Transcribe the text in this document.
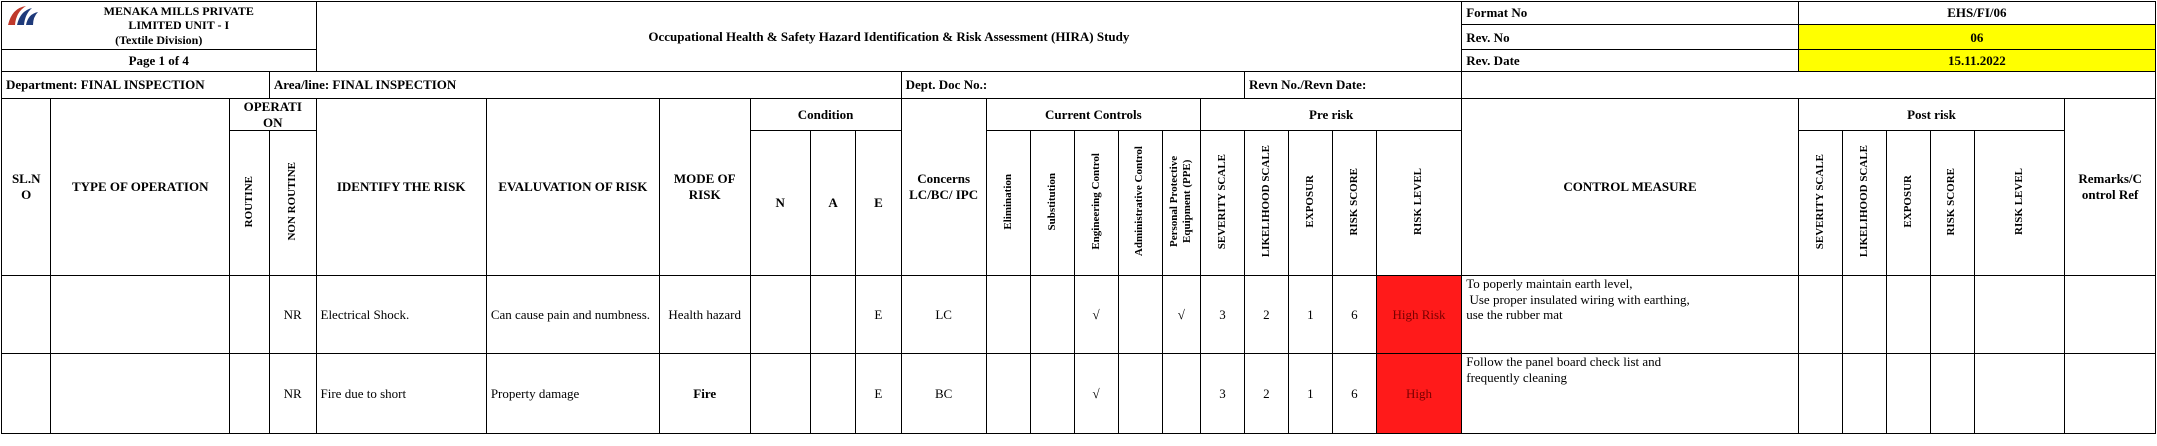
MENAKA MILLS PRIVATE
LIMITED UNIT - I
(Textile Division)				Occupational Health & Safety Hazard Identification & Risk Assessment (HIRA) Study																	Format No	EHS/FI/06					
																					Rev. No	06					
Page 1 of 4																					Rev. Date	15.11.2022					
Department: FINAL INSPECTION			Area/line: FINAL INSPECTION							Dept. Doc No.:							Revn No./Revn Date:										
SL.N O	TYPE OF OPERATION	OPERATI ON		IDENTIFY THE RISK	EVALUVATION OF RISK	MODE OF RISK	Condition			Concerns LC/BC/ IPC	Current Controls					Pre risk					CONTROL MEASURE	Post risk					Remarks/C ontrol Ref
		ROUTINE	NON ROUTINE				N	A	E		Elimination	Substitution	Engineering Control	Administrative Control	Personal Protective Equipment (PPE)	SEVERITY SCALE	LIKELIHOOD SCALE	EXPOSUR	RISK SCORE	RISK LEVEL		SEVERITY SCALE	LIKELIHOOD SCALE	EXPOSUR	RISK SCORE	RISK LEVEL	
			NR	Electrical Shock.	Can cause pain and numbness.	Health hazard			E	LC			√		√	3	2	1	6	High Risk	To poperly maintain earth level,
Use proper insulated wiring with earthing,
use the rubber mat						

			NR	Fire due to short	Property damage	Fire			E	BC			√			3	2	1	6	High	Follow the panel board check list and
frequently cleaning						
